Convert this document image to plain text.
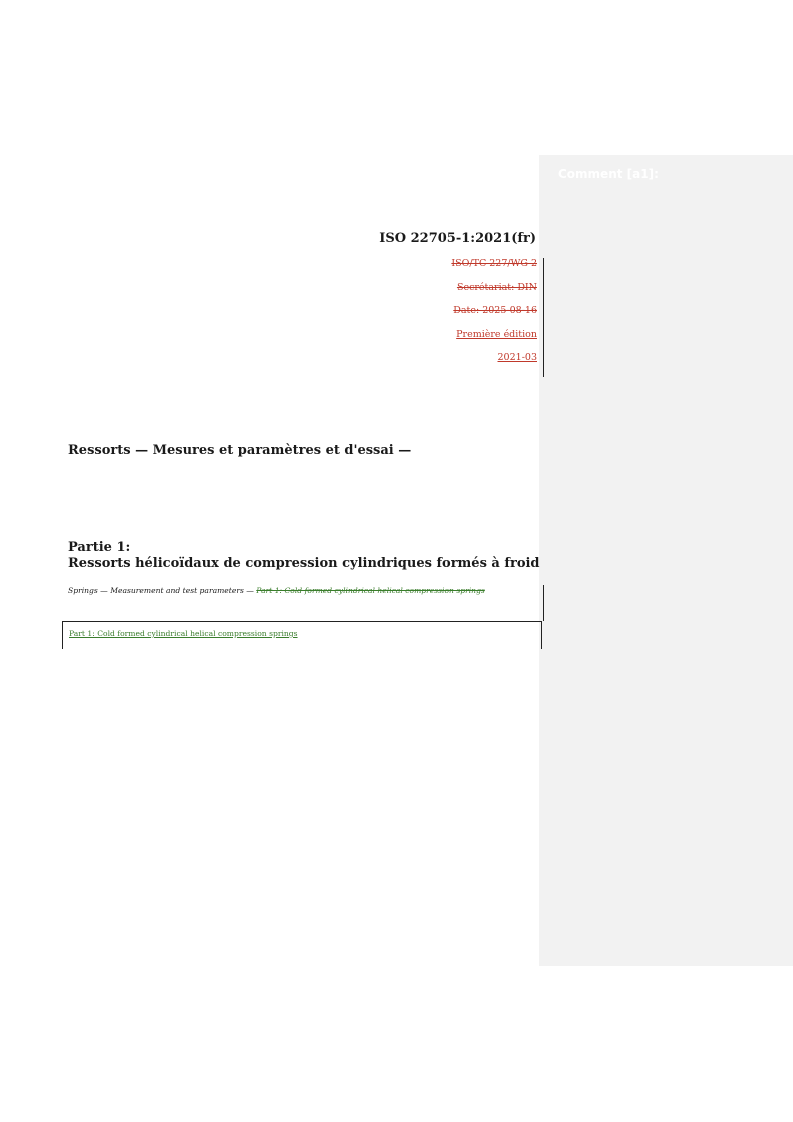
Comment [a1]:
ISO 22705-1:2021(fr)
ISO/TC 227/WG 2
Secrétariat: DIN
Date: 2025-08-16
Première édition
2021-03
Ressorts — Mesures et paramètres et d'essai —
Partie 1:
Ressorts hélicoïdaux de compression cylindriques formés à froid
Springs — Measurement and test parameters — Part 1: Cold formed cylindrical helical compression springs
Part 1: Cold formed cylindrical helical compression springs
